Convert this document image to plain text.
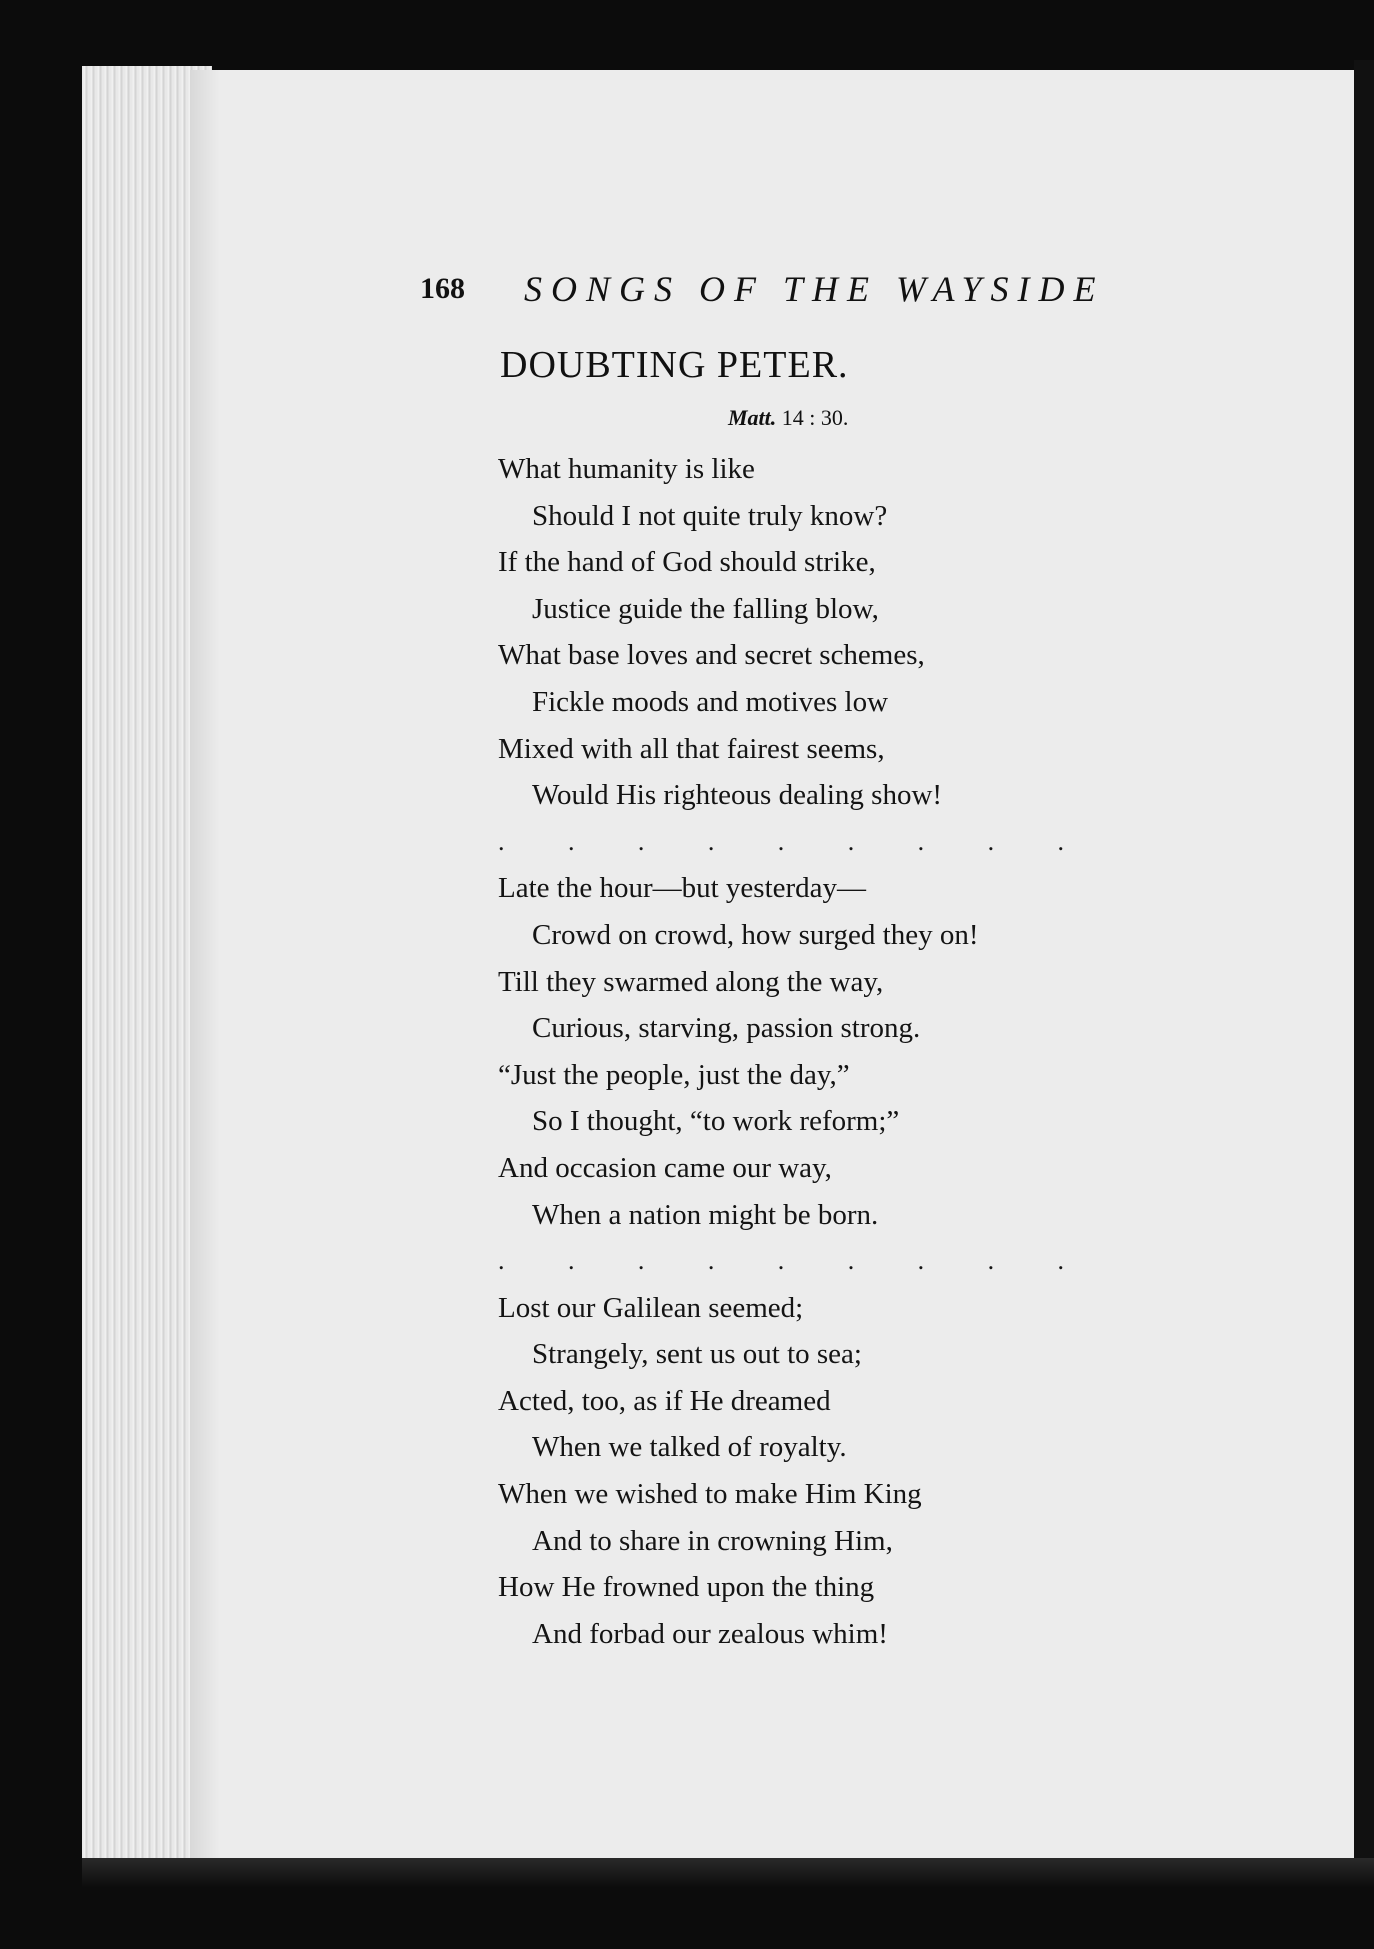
168 SONGS OF THE WAYSIDE
DOUBTING PETER.
Matt. 14 : 30.
What humanity is like
Should I not quite truly know?
If the hand of God should strike,
Justice guide the falling blow,
What base loves and secret schemes,
Fickle moods and motives low
Mixed with all that fairest seems,
Would His righteous dealing show!
. . . . . . . . .
Late the hour—but yesterday—
Crowd on crowd, how surged they on!
Till they swarmed along the way,
Curious, starving, passion strong.
“Just the people, just the day,”
So I thought, “to work reform;”
And occasion came our way,
When a nation might be born.
. . . . . . . . .
Lost our Galilean seemed;
Strangely, sent us out to sea;
Acted, too, as if He dreamed
When we talked of royalty.
When we wished to make Him King
And to share in crowning Him,
How He frowned upon the thing
And forbad our zealous whim!
